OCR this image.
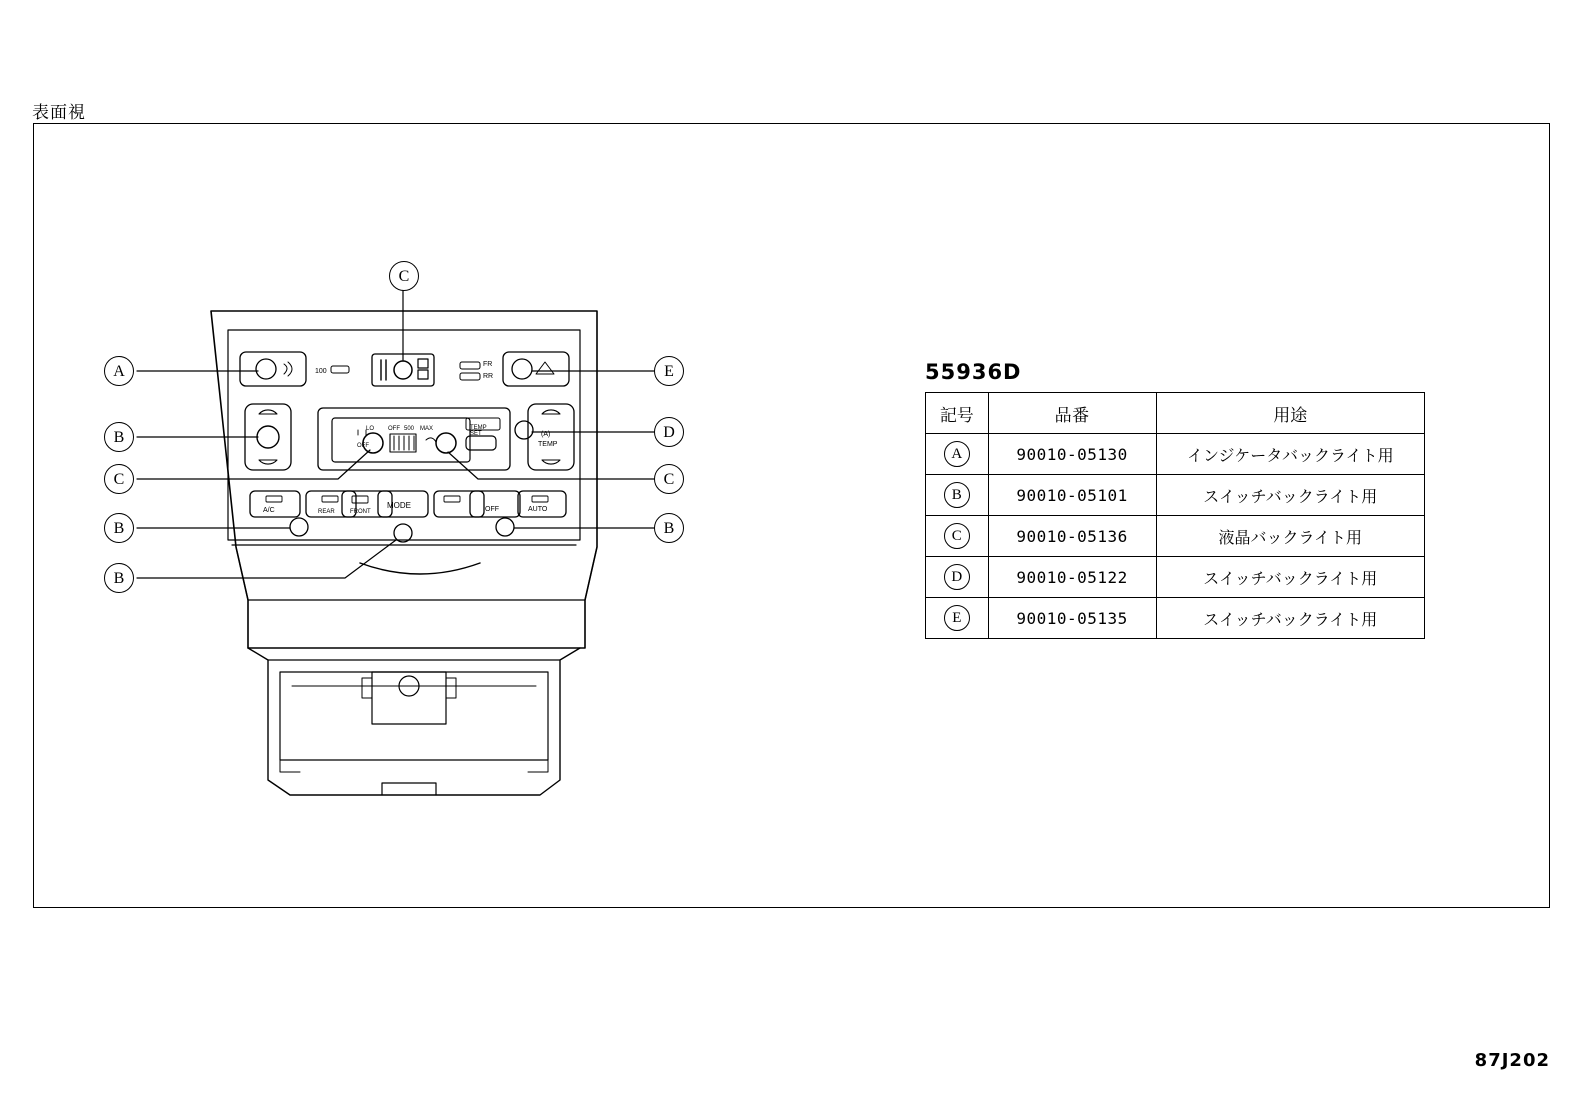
表面視
100
FR
RR
OFF
LO OFF 500 MAX	TEMP
SET	(A)
TEMP
A/C	REAR	FRONT
MODE	OFF	AUTO
A
C
E
B	D
C	C
B	B
B
55936D
記号	品番	用途
A	90010-05130	インジケータバックライト用
B	90010-05101	スイッチバックライト用
C	90010-05136	液晶バックライト用
D	90010-05122	スイッチバックライト用
E	90010-05135	スイッチバックライト用
87J202
